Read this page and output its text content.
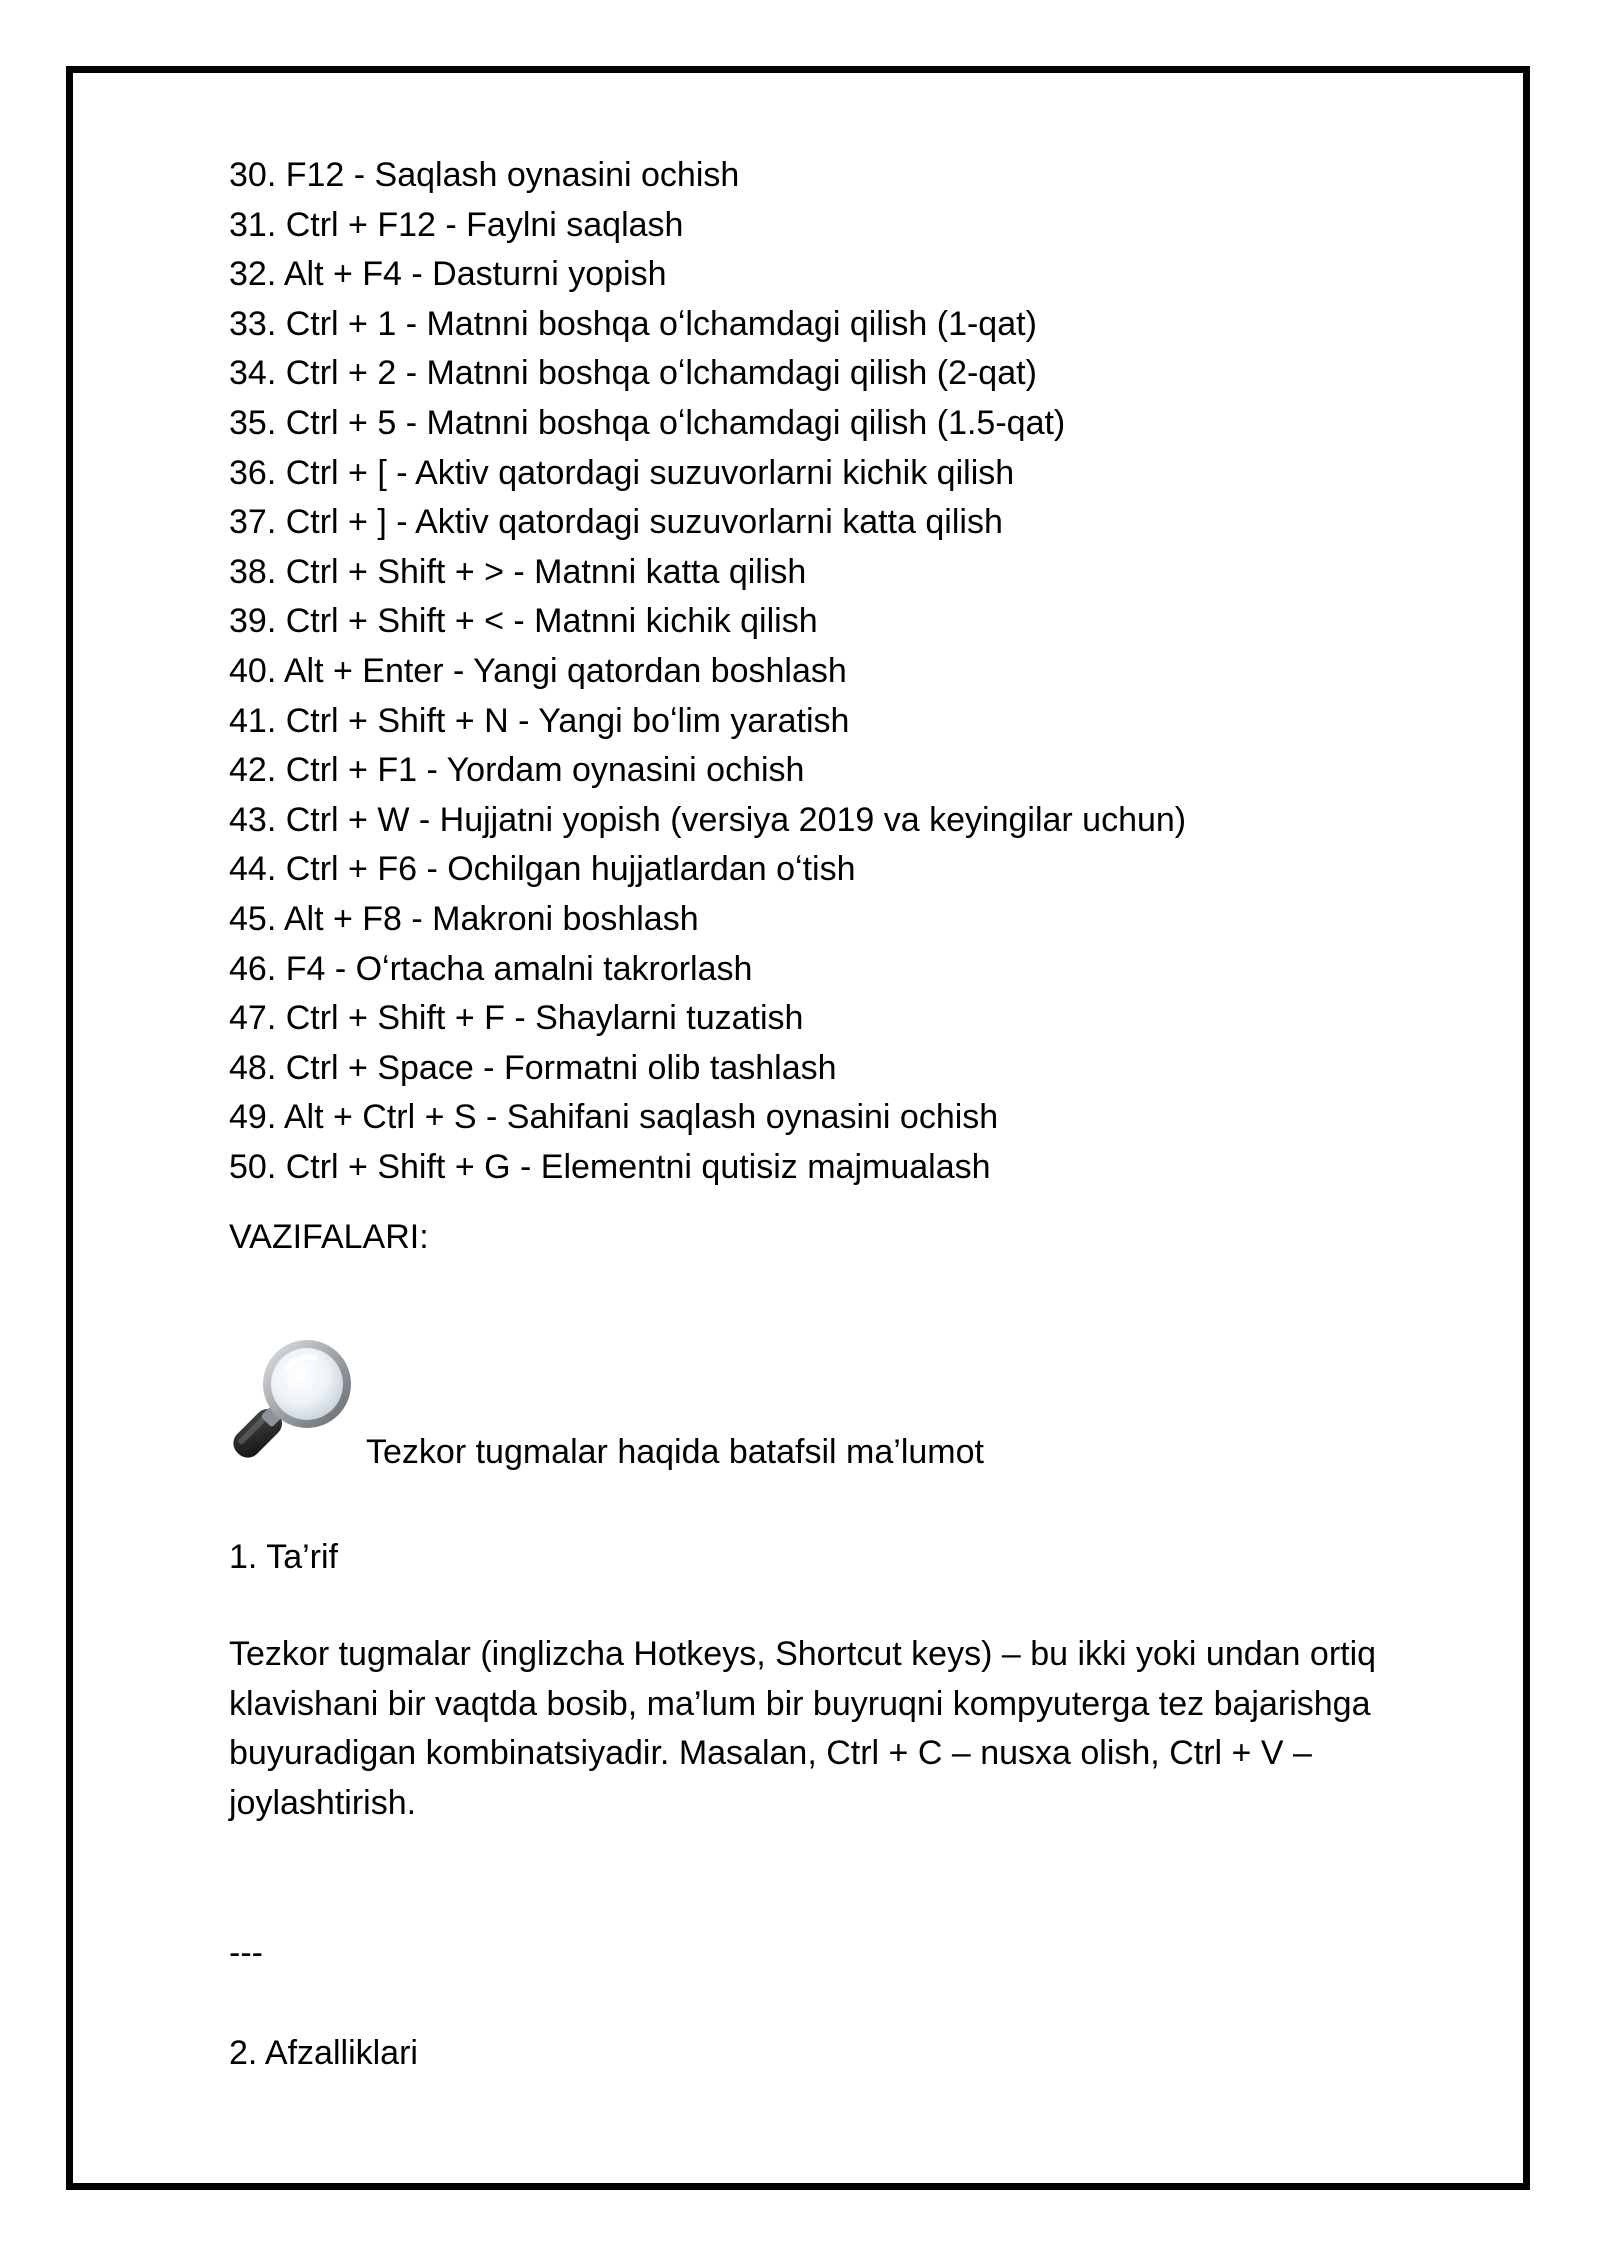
30. F12 - Saqlash oynasini ochish
31. Ctrl + F12 - Faylni saqlash
32. Alt + F4 - Dasturni yopish
33. Ctrl + 1 - Matnni boshqa oʻlchamdagi qilish (1-qat)
34. Ctrl + 2 - Matnni boshqa oʻlchamdagi qilish (2-qat)
35. Ctrl + 5 - Matnni boshqa oʻlchamdagi qilish (1.5-qat)
36. Ctrl + [ - Aktiv qatordagi suzuvorlarni kichik qilish
37. Ctrl + ] - Aktiv qatordagi suzuvorlarni katta qilish
38. Ctrl + Shift + > - Matnni katta qilish
39. Ctrl + Shift + < - Matnni kichik qilish
40. Alt + Enter - Yangi qatordan boshlash
41. Ctrl + Shift + N - Yangi boʻlim yaratish
42. Ctrl + F1 - Yordam oynasini ochish
43. Ctrl + W - Hujjatni yopish (versiya 2019 va keyingilar uchun)
44. Ctrl + F6 - Ochilgan hujjatlardan oʻtish
45. Alt + F8 - Makroni boshlash
46. F4 - Oʻrtacha amalni takrorlash
47. Ctrl + Shift + F - Shaylarni tuzatish
48. Ctrl + Space - Formatni olib tashlash
49. Alt + Ctrl + S - Sahifani saqlash oynasini ochish
50. Ctrl + Shift + G - Elementni qutisiz majmualash
VAZIFALARI:
Tezkor tugmalar haqida batafsil ma’lumot
1. Ta’rif
Tezkor tugmalar (inglizcha Hotkeys, Shortcut keys) – bu ikki yoki undan ortiq klavishani bir vaqtda bosib, ma’lum bir buyruqni kompyuterga tez bajarishga buyuradigan kombinatsiyadir. Masalan, Ctrl + C – nusxa olish, Ctrl + V – joylashtirish.
---
2. Afzalliklari
